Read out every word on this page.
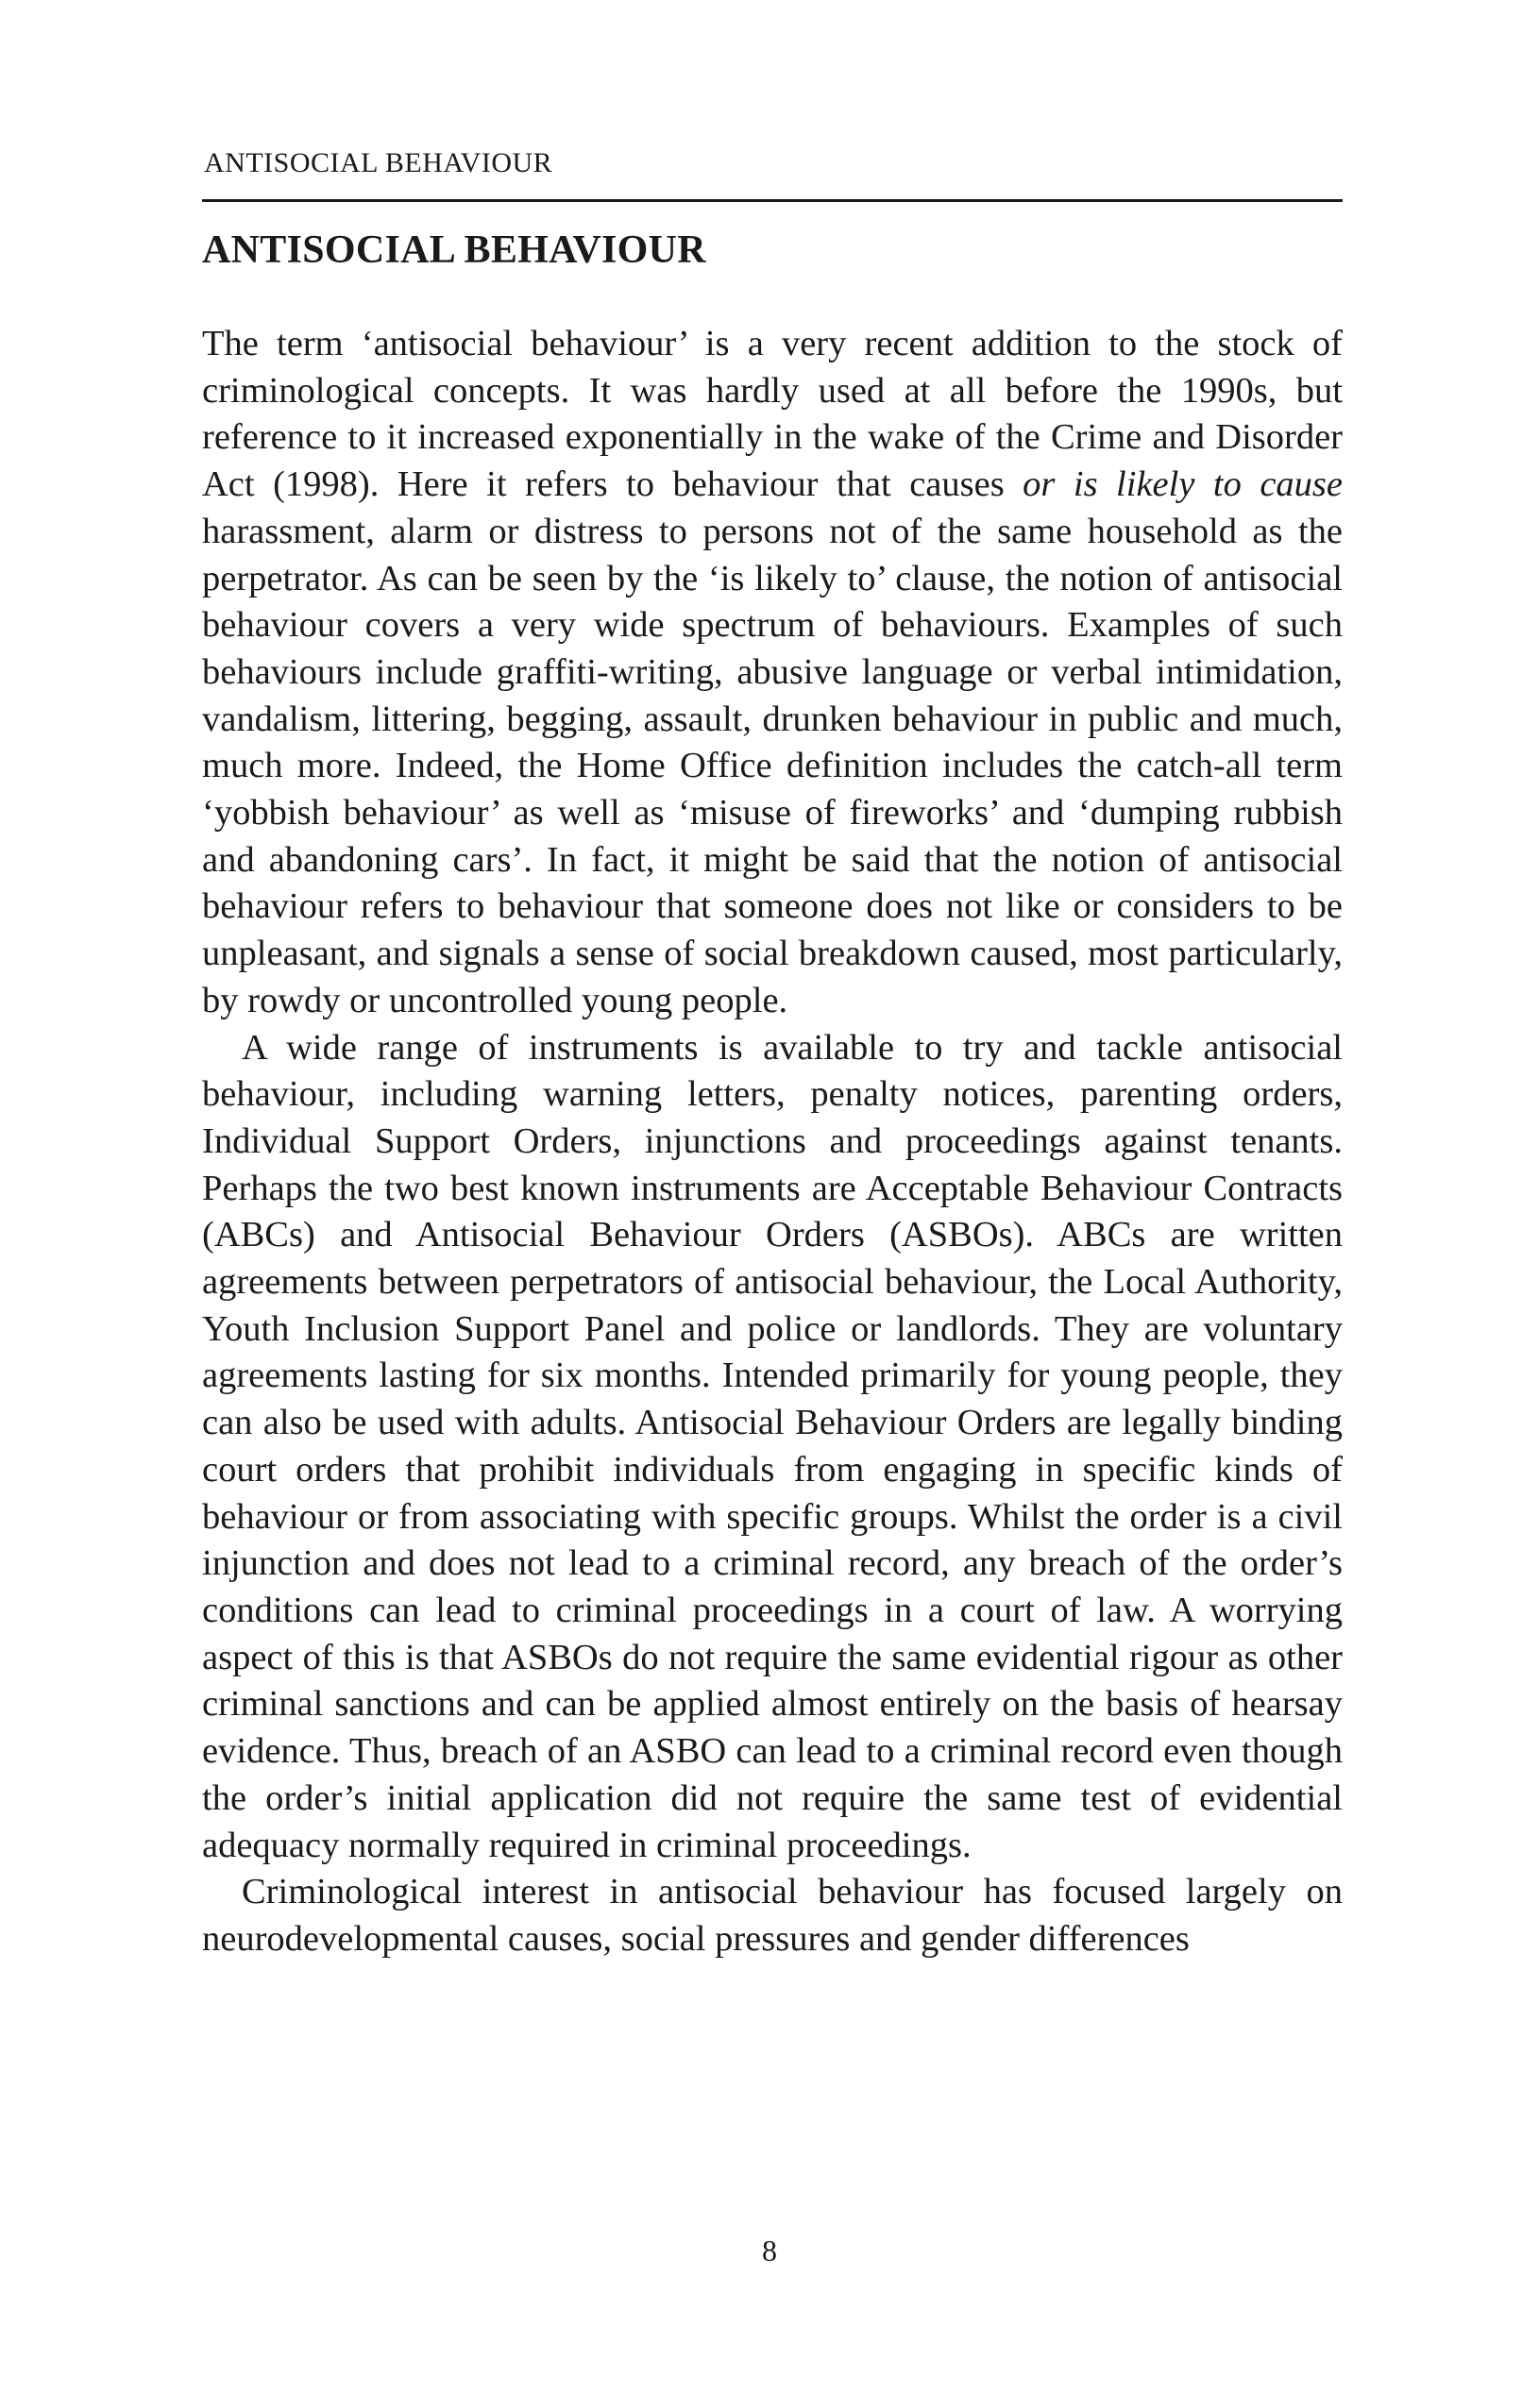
ANTISOCIAL BEHAVIOUR
ANTISOCIAL BEHAVIOUR

The term ‘antisocial behaviour’ is a very recent addition to the stock of criminological concepts. It was hardly used at all before the 1990s, but reference to it increased exponentially in the wake of the Crime and Disorder Act (1998). Here it refers to behaviour that causes or is likely to cause harassment, alarm or distress to persons not of the same household as the perpetrator. As can be seen by the ‘is likely to’ clause, the notion of antisocial behaviour covers a very wide spectrum of behaviours. Examples of such behaviours include graffiti-writing, abusive language or verbal intimidation, vandalism, littering, begging, assault, drunken behaviour in public and much, much more. Indeed, the Home Office definition includes the catch-all term ‘yobbish behaviour’ as well as ‘misuse of fireworks’ and ‘dumping rubbish and abandoning cars’. In fact, it might be said that the notion of antisocial behaviour refers to behaviour that someone does not like or considers to be unpleasant, and signals a sense of social breakdown caused, most particularly, by rowdy or uncontrolled young people.

A wide range of instruments is available to try and tackle antisocial behaviour, including warning letters, penalty notices, parenting orders, Individual Support Orders, injunctions and proceedings against tenants. Perhaps the two best known instruments are Acceptable Behaviour Contracts (ABCs) and Antisocial Behaviour Orders (ASBOs). ABCs are written agreements between perpetrators of antisocial behaviour, the Local Authority, Youth Inclusion Support Panel and police or landlords. They are voluntary agreements lasting for six months. Intended primarily for young people, they can also be used with adults. Antisocial Behaviour Orders are legally binding court orders that prohibit individuals from engaging in specific kinds of behaviour or from associating with specific groups. Whilst the order is a civil injunction and does not lead to a criminal record, any breach of the order’s conditions can lead to criminal proceedings in a court of law. A worrying aspect of this is that ASBOs do not require the same evidential rigour as other criminal sanctions and can be applied almost entirely on the basis of hearsay evidence. Thus, breach of an ASBO can lead to a criminal record even though the order’s initial application did not require the same test of evidential adequacy normally required in criminal proceedings.

Criminological interest in antisocial behaviour has focused largely on neurodevelopmental causes, social pressures and gender differences

8
